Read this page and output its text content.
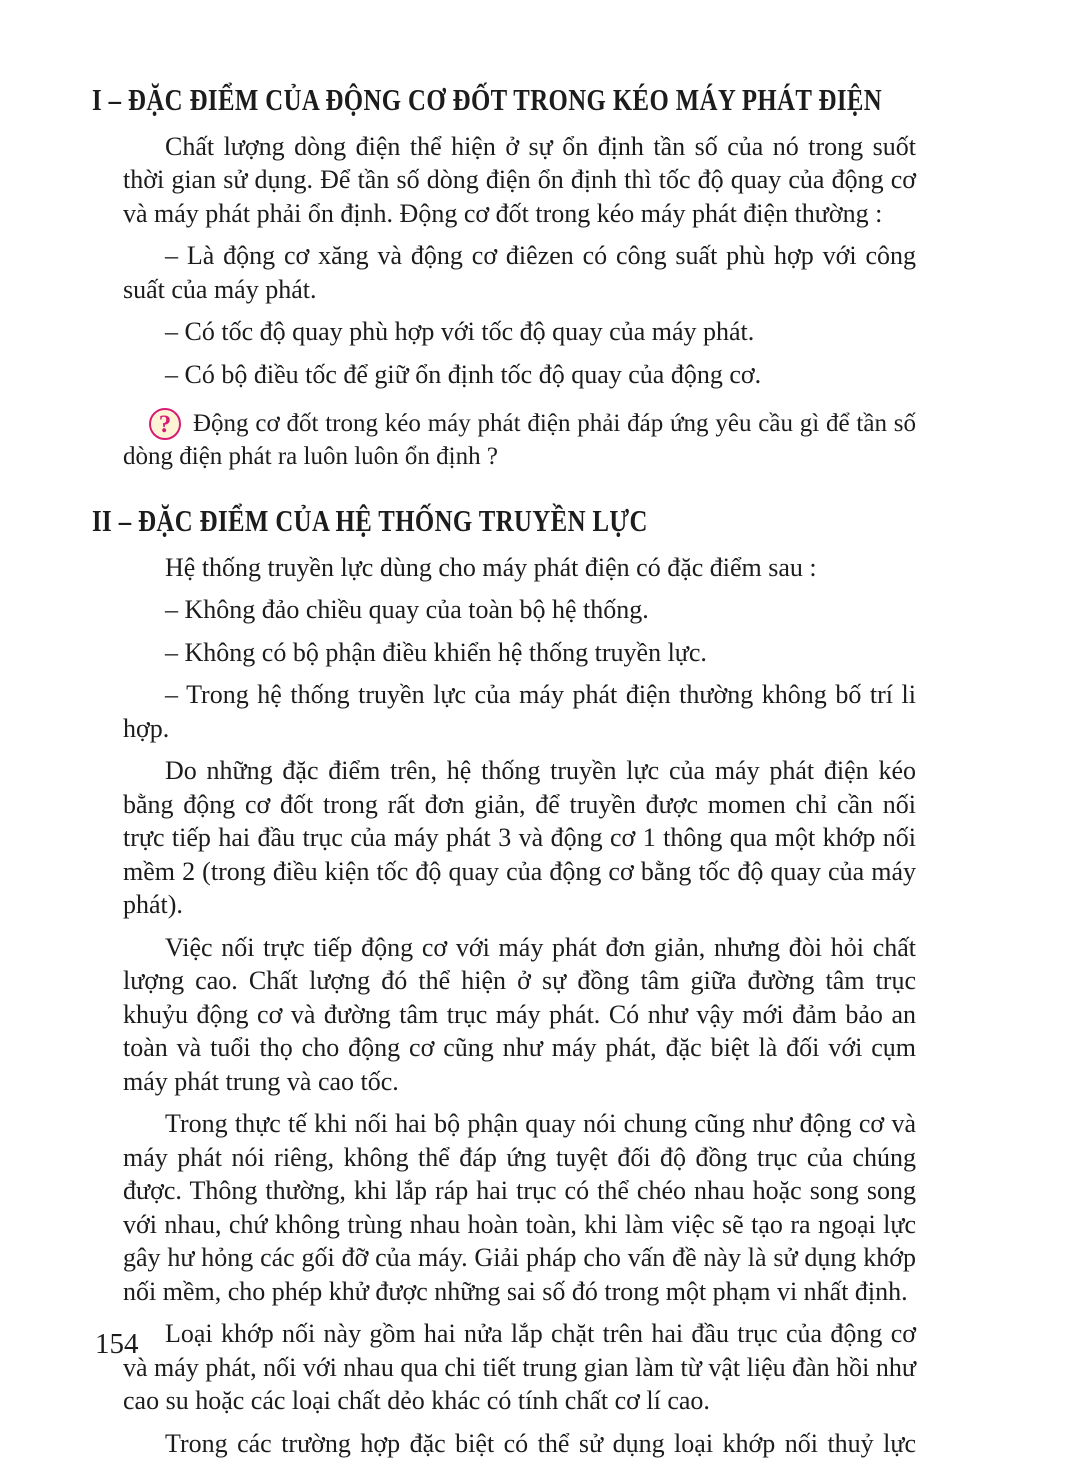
I – ĐẶC ĐIỂM CỦA ĐỘNG CƠ ĐỐT TRONG KÉO MÁY PHÁT ĐIỆN

Chất lượng dòng điện thể hiện ở sự ổn định tần số của nó trong suốt thời gian sử dụng. Để tần số dòng điện ổn định thì tốc độ quay của động cơ và máy phát phải ổn định. Động cơ đốt trong kéo máy phát điện thường :

– Là động cơ xăng và động cơ điêzen có công suất phù hợp với công suất của máy phát.

– Có tốc độ quay phù hợp với tốc độ quay của máy phát.

– Có bộ điều tốc để giữ ổn định tốc độ quay của động cơ.

? Động cơ đốt trong kéo máy phát điện phải đáp ứng yêu cầu gì để tần số dòng điện phát ra luôn luôn ổn định ?

II – ĐẶC ĐIỂM CỦA HỆ THỐNG TRUYỀN LỰC

Hệ thống truyền lực dùng cho máy phát điện có đặc điểm sau :

– Không đảo chiều quay của toàn bộ hệ thống.

– Không có bộ phận điều khiển hệ thống truyền lực.

– Trong hệ thống truyền lực của máy phát điện thường không bố trí li hợp.

Do những đặc điểm trên, hệ thống truyền lực của máy phát điện kéo bằng động cơ đốt trong rất đơn giản, để truyền được momen chỉ cần nối trực tiếp hai đầu trục của máy phát 3 và động cơ 1 thông qua một khớp nối mềm 2 (trong điều kiện tốc độ quay của động cơ bằng tốc độ quay của máy phát).

Việc nối trực tiếp động cơ với máy phát đơn giản, nhưng đòi hỏi chất lượng cao. Chất lượng đó thể hiện ở sự đồng tâm giữa đường tâm trục khuỷu động cơ và đường tâm trục máy phát. Có như vậy mới đảm bảo an toàn và tuổi thọ cho động cơ cũng như máy phát, đặc biệt là đối với cụm máy phát trung và cao tốc.

Trong thực tế khi nối hai bộ phận quay nói chung cũng như động cơ và máy phát nói riêng, không thể đáp ứng tuyệt đối độ đồng trục của chúng được. Thông thường, khi lắp ráp hai trục có thể chéo nhau hoặc song song với nhau, chứ không trùng nhau hoàn toàn, khi làm việc sẽ tạo ra ngoại lực gây hư hỏng các gối đỡ của máy. Giải pháp cho vấn đề này là sử dụng khớp nối mềm, cho phép khử được những sai số đó trong một phạm vi nhất định.

Loại khớp nối này gồm hai nửa lắp chặt trên hai đầu trục của động cơ và máy phát, nối với nhau qua chi tiết trung gian làm từ vật liệu đàn hồi như cao su hoặc các loại chất dẻo khác có tính chất cơ lí cao.

Trong các trường hợp đặc biệt có thể sử dụng loại khớp nối thuỷ lực

154
